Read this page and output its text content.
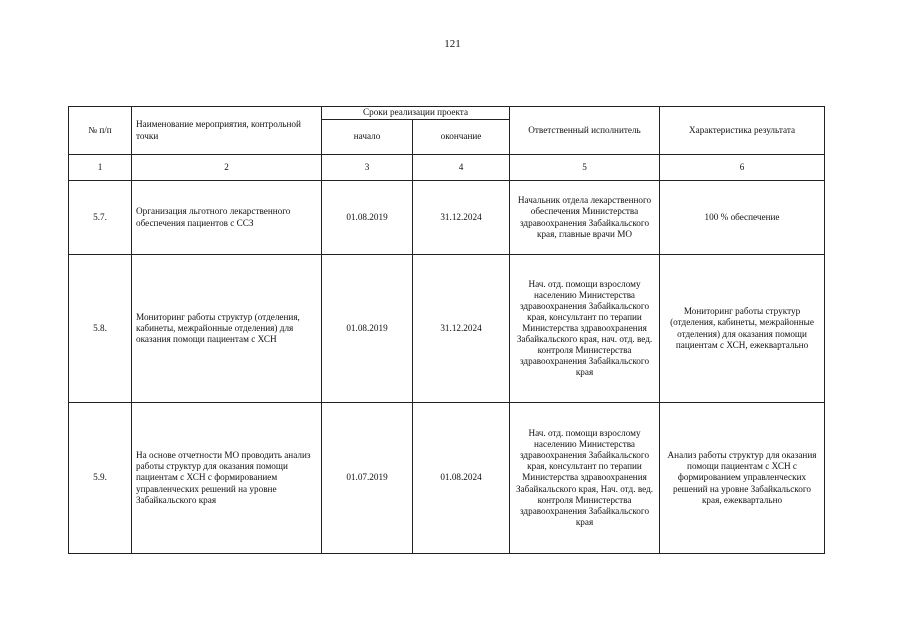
121
№ п/п	Наименование мероприятия, контрольной точки	Сроки реализации проекта		Ответственный исполнитель	Характеристика результата
		начало	окончание		
1	2	3	4	5	6
5.7.	Организация льготного лекарственного обеспечения пациентов с ССЗ	01.08.2019	31.12.2024	Начальник отдела лекарственного обеспечения Министерства здравоохранения Забайкальского края, главные врачи МО	100 % обеспечение
5.8.	Мониторинг работы структур (отделения, кабинеты, межрайонные отделения) для оказания помощи пациентам с ХСН	01.08.2019	31.12.2024	Нач. отд. помощи взрослому населению Министерства здравоохранения Забайкальского края, консультант по терапии Министерства здравоохранения Забайкальского края, нач. отд. вед. контроля Министерства здравоохранения Забайкальского края	Мониторинг работы структур (отделения, кабинеты, межрайонные отделения) для оказания помощи пациентам с ХСН, ежеквартально
5.9.	На основе отчетности МО проводить анализ работы структур для оказания помощи пациентам с ХСН с формированием управленческих решений на уровне Забайкальского края	01.07.2019	01.08.2024	Нач. отд. помощи взрослому населению Министерства здравоохранения Забайкальского края, консультант по терапии Министерства здравоохранения Забайкальского края, Нач. отд. вед. контроля Министерства здравоохранения Забайкальского края	Анализ работы структур для оказания помощи пациентам с ХСН с формированием управленческих решений на уровне Забайкальского края, ежеквартально
